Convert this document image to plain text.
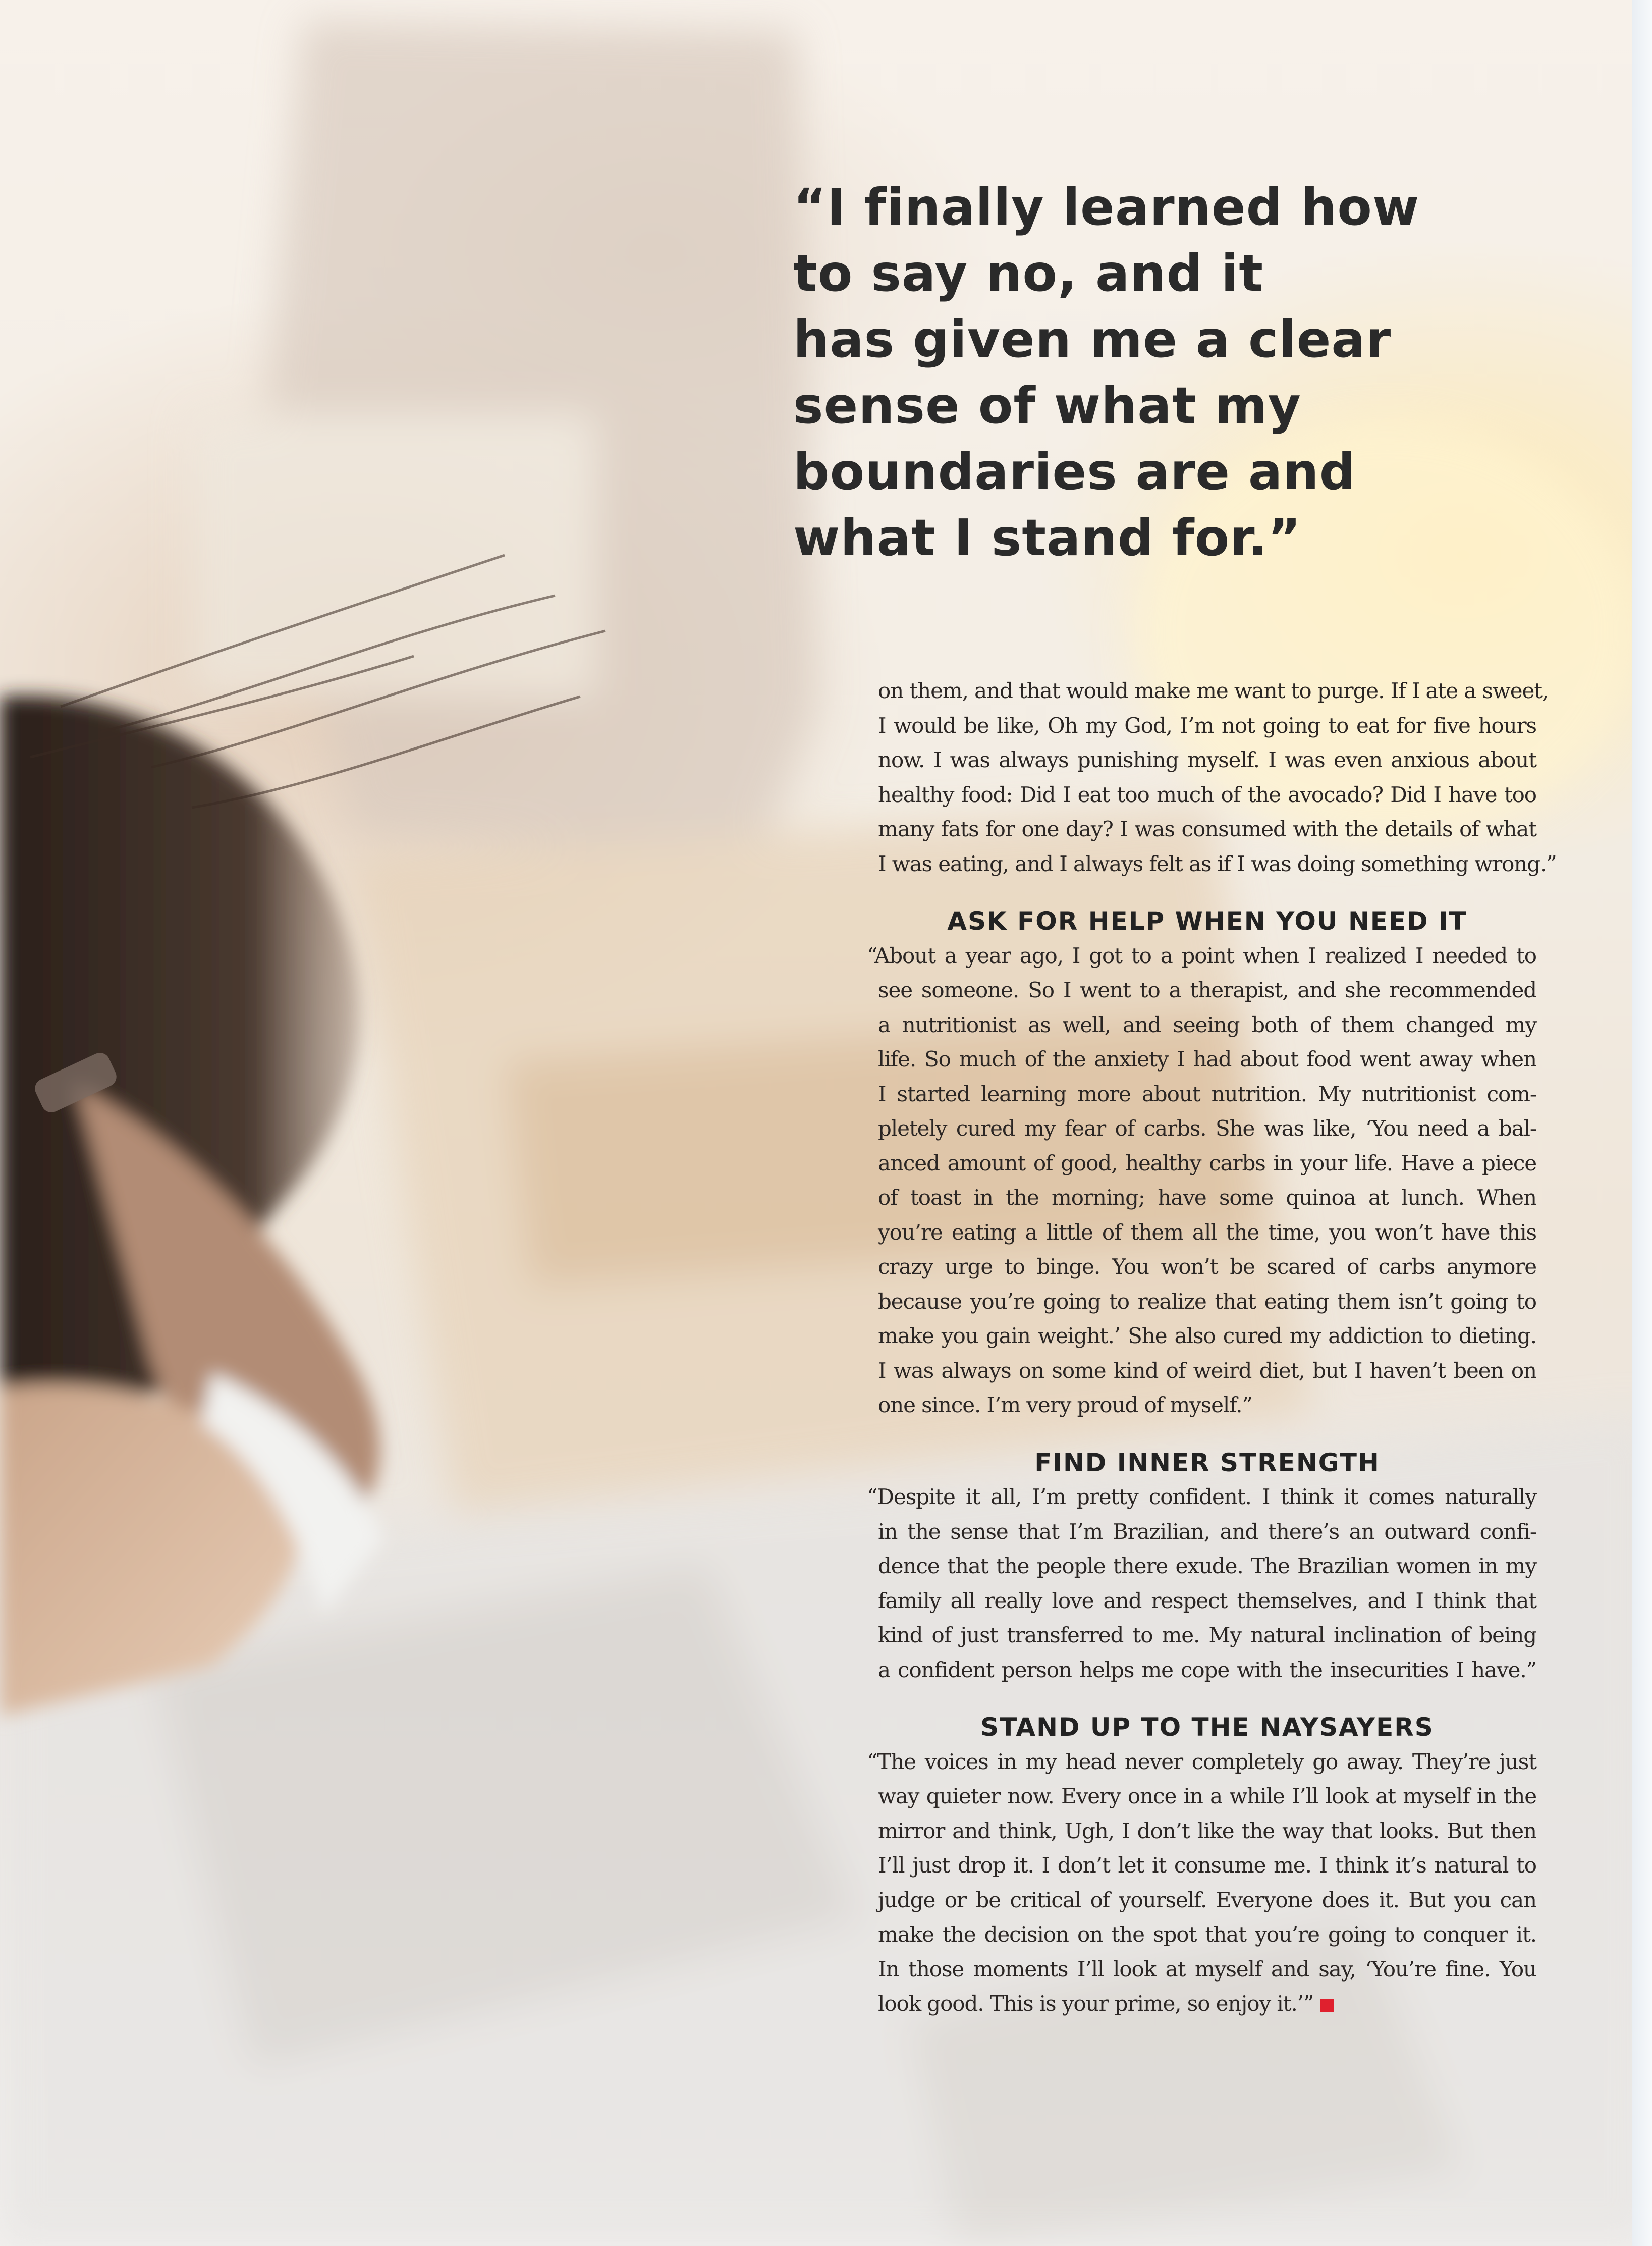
“I finally learned how
to say no, and it
has given me a clear
sense of what my
boundaries are and
what I stand for.”

on them, and that would make me want to purge. If I ate a sweet,
I would be like, Oh my God, I’m not going to eat for five hours
now. I was always punishing myself. I was even anxious about
healthy food: Did I eat too much of the avocado? Did I have too
many fats for one day? I was consumed with the details of what
I was eating, and I always felt as if I was doing something wrong.”

ASK FOR HELP WHEN YOU NEED IT

“About a year ago, I got to a point when I realized I needed to
see someone. So I went to a therapist, and she recommended
a nutritionist as well, and seeing both of them changed my
life. So much of the anxiety I had about food went away when
I started learning more about nutrition. My nutritionist com-
pletely cured my fear of carbs. She was like, ‘You need a bal-
anced amount of good, healthy carbs in your life. Have a piece
of toast in the morning; have some quinoa at lunch. When
you’re eating a little of them all the time, you won’t have this
crazy urge to binge. You won’t be scared of carbs anymore
because you’re going to realize that eating them isn’t going to
make you gain weight.’ She also cured my addiction to dieting.
I was always on some kind of weird diet, but I haven’t been on
one since. I’m very proud of myself.”

FIND INNER STRENGTH

“Despite it all, I’m pretty confident. I think it comes naturally
in the sense that I’m Brazilian, and there’s an outward confi-
dence that the people there exude. The Brazilian women in my
family all really love and respect themselves, and I think that
kind of just transferred to me. My natural inclination of being
a confident person helps me cope with the insecurities I have.”

STAND UP TO THE NAYSAYERS

“The voices in my head never completely go away. They’re just
way quieter now. Every once in a while I’ll look at myself in the
mirror and think, Ugh, I don’t like the way that looks. But then
I’ll just drop it. I don’t let it consume me. I think it’s natural to
judge or be critical of yourself. Everyone does it. But you can
make the decision on the spot that you’re going to conquer it.
In those moments I’ll look at myself and say, ‘You’re fine. You
look good. This is your prime, so enjoy it.’”
